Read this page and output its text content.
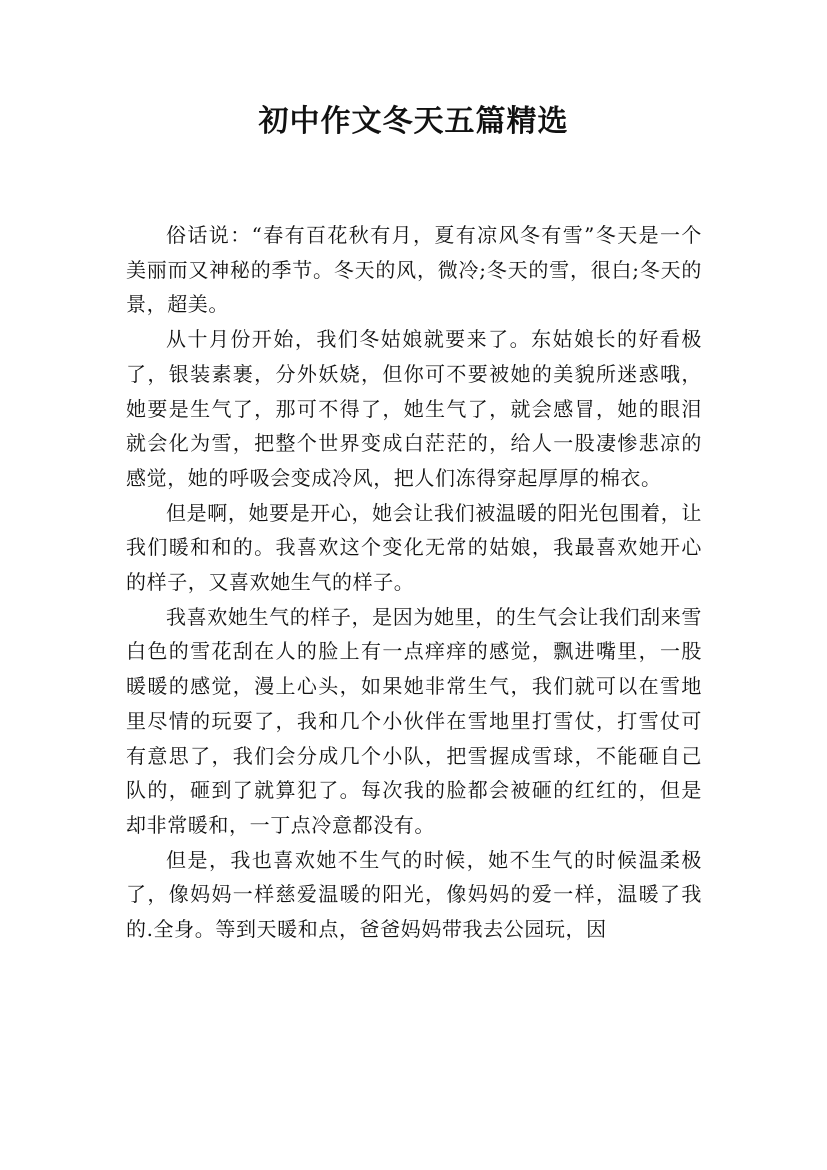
初中作文冬天五篇精选

俗话说：“春有百花秋有月，夏有凉风冬有雪”冬天是一个美丽而又神秘的季节。冬天的风，微冷;冬天的雪，很白;冬天的景，超美。

从十月份开始，我们冬姑娘就要来了。东姑娘长的好看极了，银装素裹，分外妖娆，但你可不要被她的美貌所迷惑哦，她要是生气了，那可不得了，她生气了，就会感冒，她的眼泪就会化为雪，把整个世界变成白茫茫的，给人一股凄惨悲凉的感觉，她的呼吸会变成冷风，把人们冻得穿起厚厚的棉衣。

但是啊，她要是开心，她会让我们被温暖的阳光包围着，让我们暖和和的。我喜欢这个变化无常的姑娘，我最喜欢她开心的样子，又喜欢她生气的样子。

我喜欢她生气的样子，是因为她里，的生气会让我们刮来雪白色的雪花刮在人的脸上有一点痒痒的感觉，飘进嘴里，一股暖暖的感觉，漫上心头，如果她非常生气，我们就可以在雪地里尽情的玩耍了，我和几个小伙伴在雪地里打雪仗，打雪仗可有意思了，我们会分成几个小队，把雪握成雪球，不能砸自己队的，砸到了就算犯了。每次我的脸都会被砸的红红的，但是却非常暖和，一丁点冷意都没有。

但是，我也喜欢她不生气的时候，她不生气的时候温柔极了，像妈妈一样慈爱温暖的阳光，像妈妈的爱一样，温暖了我的.全身。等到天暖和点，爸爸妈妈带我去公园玩，因
